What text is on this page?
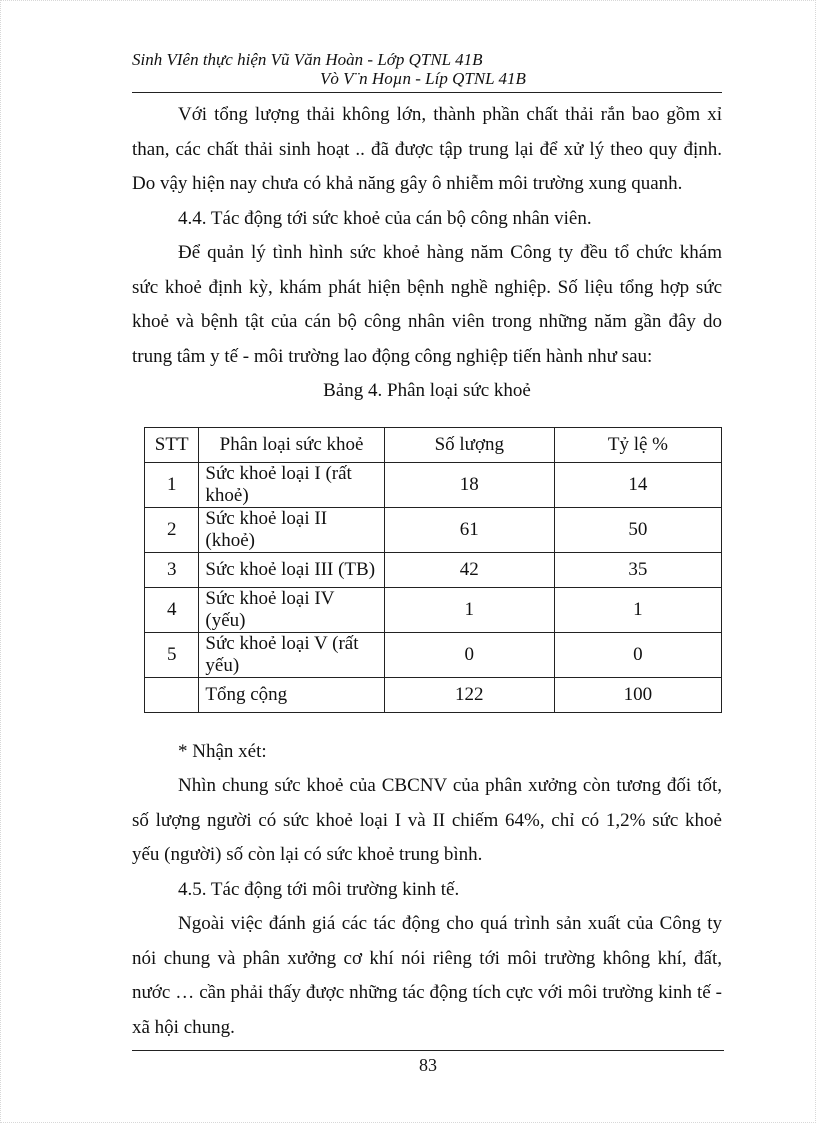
Sinh VIên thực hiện Vũ Văn Hoàn - Lớp QTNL 41B
Vò V¨n Hoµn - Líp QTNL 41B

Với tổng lượng thải không lớn, thành phần chất thải rắn bao gồm xỉ than, các chất thải sinh hoạt .. đã được tập trung lại để xử lý theo quy định. Do vậy hiện nay chưa có khả năng gây ô nhiễm môi trường xung quanh.

4.4. Tác động tới sức khoẻ của cán bộ công nhân viên.

Để quản lý tình hình sức khoẻ hàng năm Công ty đều tổ chức khám sức khoẻ định kỳ, khám phát hiện bệnh nghề nghiệp. Số liệu tổng hợp sức khoẻ và bệnh tật của cán bộ công nhân viên trong những năm gần đây do trung tâm y tế - môi trường lao động công nghiệp tiến hành như sau:

Bảng 4. Phân loại sức khoẻ

STT	Phân loại sức khoẻ	Số lượng	Tỷ lệ %
1	Sức khoẻ loại I (rất khoẻ)	18	14
2	Sức khoẻ loại II (khoẻ)	61	50
3	Sức khoẻ loại III (TB)	42	35
4	Sức khoẻ loại IV (yếu)	1	1
5	Sức khoẻ loại V (rất yếu)	0	0
	Tổng cộng	122	100

* Nhận xét:

Nhìn chung sức khoẻ của CBCNV của phân xưởng còn tương đối tốt, số lượng người có sức khoẻ loại I và II chiếm 64%, chỉ có 1,2% sức khoẻ yếu (người) số còn lại có sức khoẻ trung bình.

4.5. Tác động tới môi trường kinh tế.

Ngoài việc đánh giá các tác động cho quá trình sản xuất của Công ty nói chung và phân xưởng cơ khí nói riêng tới môi trường không khí, đất, nước … cần phải thấy được những tác động tích cực với môi trường kinh tế - xã hội chung.

83
